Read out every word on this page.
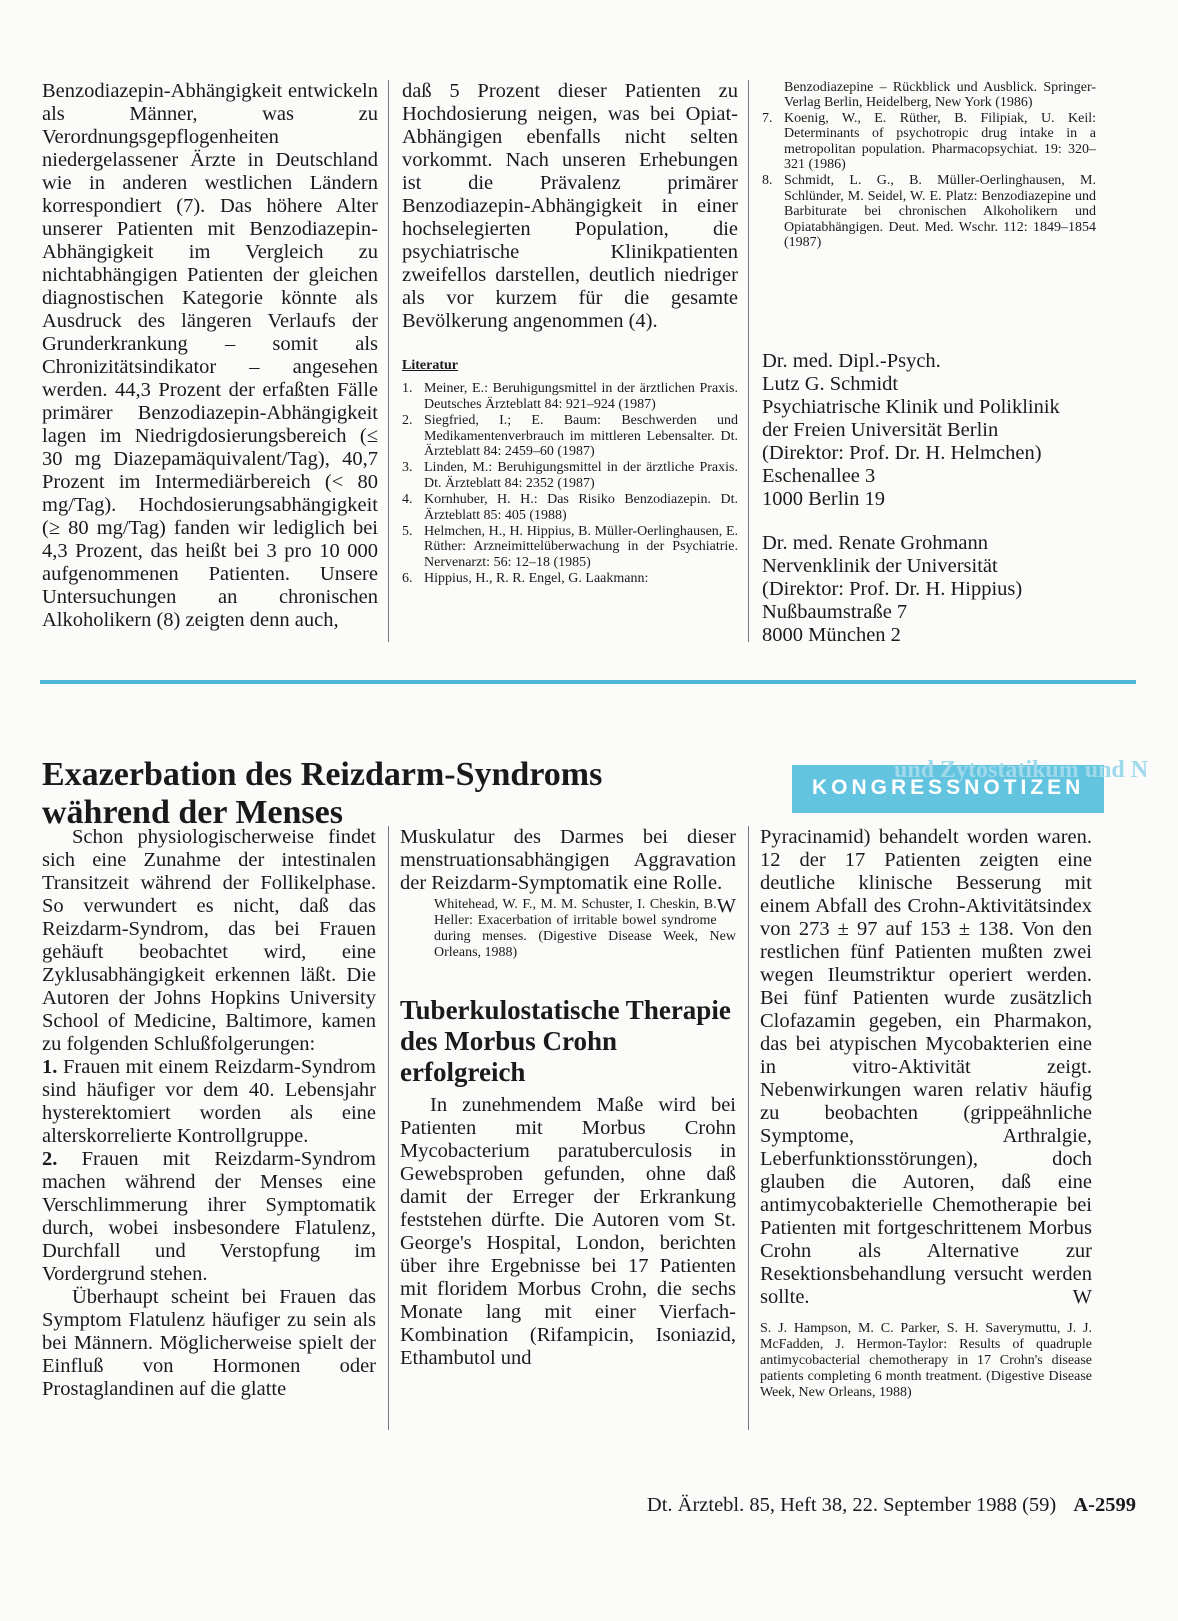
Benzodiazepin-Abhängigkeit entwickeln als Männer, was zu Verordnungsgepflogenheiten niedergelassener Ärzte in Deutschland wie in anderen westlichen Ländern korrespondiert (7). Das höhere Alter unserer Patienten mit Benzodiazepin-Abhängigkeit im Vergleich zu nichtabhängigen Patienten der gleichen diagnostischen Kategorie könnte als Ausdruck des längeren Verlaufs der Grunderkrankung – somit als Chronizitätsindikator – angesehen werden. 44,3 Prozent der erfaßten Fälle primärer Benzodiazepin-Abhängigkeit lagen im Niedrigdosierungsbereich (≤ 30 mg Diazepamäquivalent/Tag), 40,7 Prozent im Intermediärbereich (< 80 mg/Tag). Hochdosierungsabhängigkeit (≥ 80 mg/Tag) fanden wir lediglich bei 4,3 Prozent, das heißt bei 3 pro 10 000 aufgenommenen Patienten. Unsere Untersuchungen an chronischen Alkoholikern (8) zeigten denn auch,

daß 5 Prozent dieser Patienten zu Hochdosierung neigen, was bei Opiat-Abhängigen ebenfalls nicht selten vorkommt. Nach unseren Erhebungen ist die Prävalenz primärer Benzodiazepin-Abhängigkeit in einer hochselegierten Population, die psychiatrische Klinikpatienten zweifellos darstellen, deutlich niedriger als vor kurzem für die gesamte Bevölkerung angenommen (4).

Literatur
1. Meiner, E.: Beruhigungsmittel in der ärztlichen Praxis. Deutsches Ärzteblatt 84: 921–924 (1987)
2. Siegfried, I.; E. Baum: Beschwerden und Medikamentenverbrauch im mittleren Lebensalter. Dt. Ärzteblatt 84: 2459–60 (1987)
3. Linden, M.: Beruhigungsmittel in der ärztliche Praxis. Dt. Ärzteblatt 84: 2352 (1987)
4. Kornhuber, H. H.: Das Risiko Benzodiazepin. Dt. Ärzteblatt 85: 405 (1988)
5. Helmchen, H., H. Hippius, B. Müller-Oerlinghausen, E. Rüther: Arzneimittelüberwachung in der Psychiatrie. Nervenarzt: 56: 12–18 (1985)
6. Hippius, H., R. R. Engel, G. Laakmann:
Benzodiazepine – Rückblick und Ausblick. Springer-Verlag Berlin, Heidelberg, New York (1986)
7. Koenig, W., E. Rüther, B. Filipiak, U. Keil: Determinants of psychotropic drug intake in a metropolitan population. Pharmacopsychiat. 19: 320–321 (1986)
8. Schmidt, L. G., B. Müller-Oerlinghausen, M. Schlünder, M. Seidel, W. E. Platz: Benzodiazepine und Barbiturate bei chronischen Alkoholikern und Opiatabhängigen. Deut. Med. Wschr. 112: 1849–1854 (1987)
Dr. med. Dipl.-Psych.
Lutz G. Schmidt
Psychiatrische Klinik und Poliklinik
der Freien Universität Berlin
(Direktor: Prof. Dr. H. Helmchen)
Eschenallee 3
1000 Berlin 19
Dr. med. Renate Grohmann
Nervenklinik der Universität
(Direktor: Prof. Dr. H. Hippius)
Nußbaumstraße 7
8000 München 2
Exazerbation des Reizdarm-Syndroms
während der Menses
und Zytostatikum und N
KONGRESSNOTIZEN

Schon physiologischerweise findet sich eine Zunahme der intestinalen Transitzeit während der Follikelphase. So verwundert es nicht, daß das Reizdarm-Syndrom, das bei Frauen gehäuft beobachtet wird, eine Zyklusabhängigkeit erkennen läßt. Die Autoren der Johns Hopkins University School of Medicine, Baltimore, kamen zu folgenden Schlußfolgerungen:

1. Frauen mit einem Reizdarm-Syndrom sind häufiger vor dem 40. Lebensjahr hysterektomiert worden als eine alterskorrelierte Kontrollgruppe.

2. Frauen mit Reizdarm-Syndrom machen während der Menses eine Verschlimmerung ihrer Symptomatik durch, wobei insbesondere Flatulenz, Durchfall und Verstopfung im Vordergrund stehen.

Überhaupt scheint bei Frauen das Symptom Flatulenz häufiger zu sein als bei Männern. Möglicherweise spielt der Einfluß von Hormonen oder Prostaglandinen auf die glatte

Muskulatur des Darmes bei dieser menstruationsabhängigen Aggravation der Reizdarm-Symptomatik eine Rolle.
W

Whitehead, W. F., M. M. Schuster, I. Cheskin, B. Heller: Exacerbation of irritable bowel syndrome during menses. (Digestive Disease Week, New Orleans, 1988)
Tuberkulostatische Therapie des Morbus Crohn erfolgreich

In zunehmendem Maße wird bei Patienten mit Morbus Crohn Mycobacterium paratuberculosis in Gewebsproben gefunden, ohne daß damit der Erreger der Erkrankung feststehen dürfte. Die Autoren vom St. George's Hospital, London, berichten über ihre Ergebnisse bei 17 Patienten mit floridem Morbus Crohn, die sechs Monate lang mit einer Vierfach-Kombination (Rifampicin, Isoniazid, Ethambutol und

Pyracinamid) behandelt worden waren. 12 der 17 Patienten zeigten eine deutliche klinische Besserung mit einem Abfall des Crohn-Aktivitätsindex von 273 ± 97 auf 153 ± 138. Von den restlichen fünf Patienten mußten zwei wegen Ileumstriktur operiert werden. Bei fünf Patienten wurde zusätzlich Clofazamin gegeben, ein Pharmakon, das bei atypischen Mycobakterien eine in vitro-Aktivität zeigt. Nebenwirkungen waren relativ häufig zu beobachten (grippeähnliche Symptome, Arthralgie, Leberfunktionsstörungen), doch glauben die Autoren, daß eine antimycobakterielle Chemotherapie bei Patienten mit fortgeschrittenem Morbus Crohn als Alternative zur Resektionsbehandlung versucht werden sollte.	W

S. J. Hampson, M. C. Parker, S. H. Saverymuttu, J. J. McFadden, J. Hermon-Taylor: Results of quadruple antimycobacterial chemotherapy in 17 Crohn's disease patients completing 6 month treatment. (Digestive Disease Week, New Orleans, 1988)
Dt. Ärztebl. 85, Heft 38, 22. September 1988 (59) A-2599
